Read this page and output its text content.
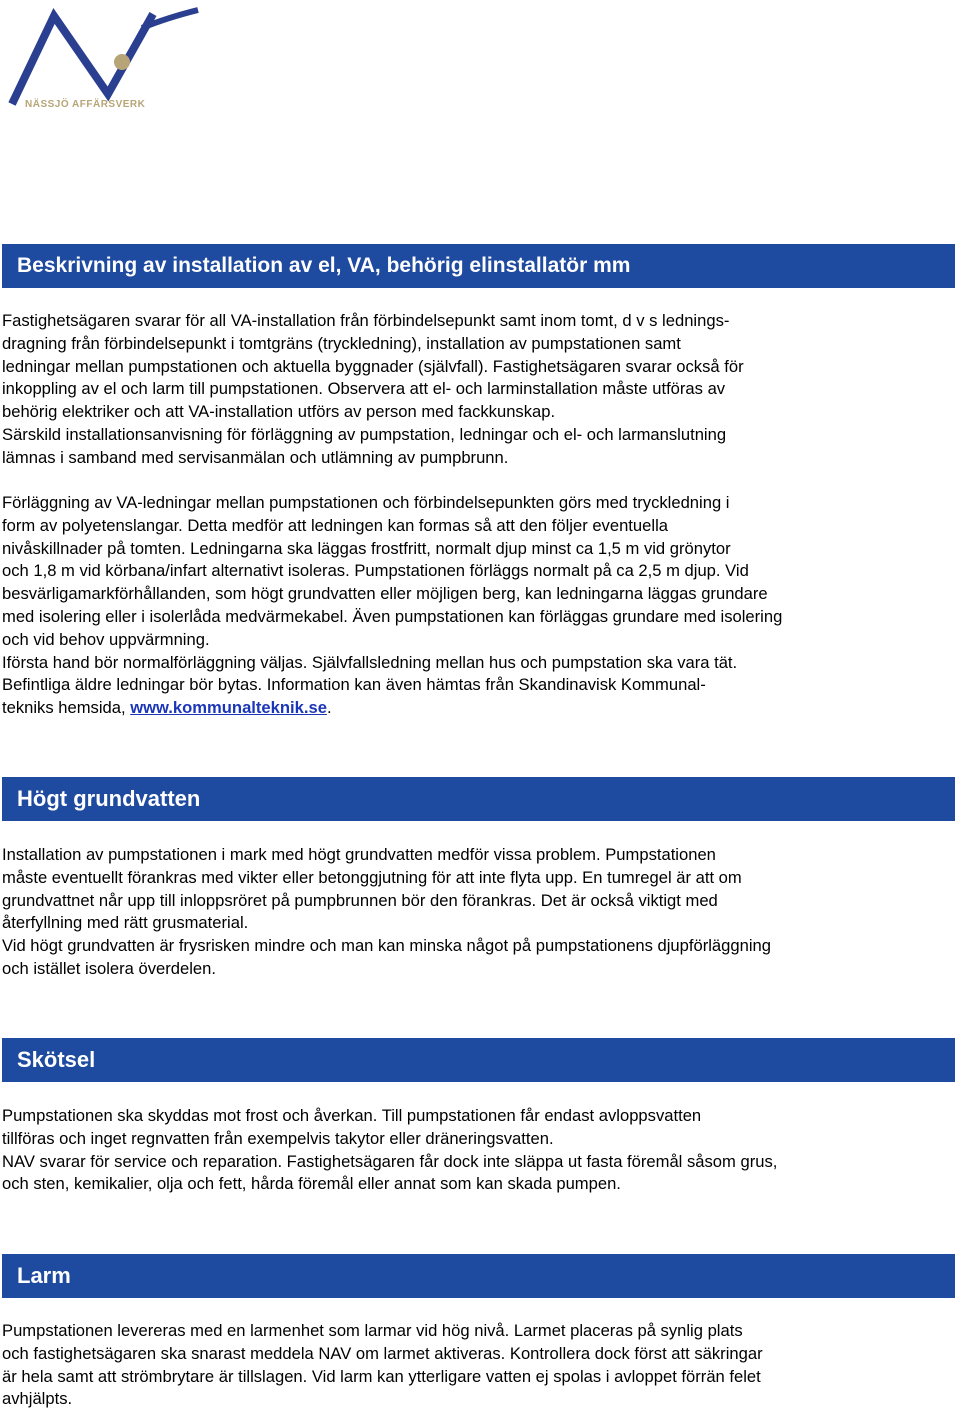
NÄSSJÖ AFFÄRSVERK
Beskrivning av installation av el, VA, behörig elinstallatör mm

Fastighetsägaren svarar för all VA-installation från förbindelsepunkt samt inom tomt, d v s lednings-
dragning från förbindelsepunkt i tomtgräns (tryckledning), installation av pumpstationen samt
ledningar mellan pumpstationen och aktuella byggnader (självfall). Fastighetsägaren svarar också för
inkoppling av el och larm till pumpstationen. Observera att el- och larminstallation måste utföras av
behörig elektriker och att VA-installation utförs av person med fackkunskap.
Särskild installationsanvisning för förläggning av pumpstation, ledningar och el- och larmanslutning
lämnas i samband med servisanmälan och utlämning av pumpbrunn.

Förläggning av VA-ledningar mellan pumpstationen och förbindelsepunkten görs med tryckledning i
form av polyetenslangar. Detta medför att ledningen kan formas så att den följer eventuella
nivåskillnader på tomten. Ledningarna ska läggas frostfritt, normalt djup minst ca 1,5 m vid grönytor
och 1,8 m vid körbana/infart alternativt isoleras. Pumpstationen förläggs normalt på ca 2,5 m djup. Vid
besvärligamarkförhållanden, som högt grundvatten eller möjligen berg, kan ledningarna läggas grundare
med isolering eller i isolerlåda medvärmekabel. Även pumpstationen kan förläggas grundare med isolering
och vid behov uppvärmning.
Iförsta hand bör normalförläggning väljas. Självfallsledning mellan hus och pumpstation ska vara tät.
Befintliga äldre ledningar bör bytas. Information kan även hämtas från Skandinavisk Kommunal-
tekniks hemsida, www.kommunalteknik.se.

Högt grundvatten

Installation av pumpstationen i mark med högt grundvatten medför vissa problem. Pumpstationen
måste eventuellt förankras med vikter eller betonggjutning för att inte flyta upp. En tumregel är att om
grundvattnet når upp till inloppsröret på pumpbrunnen bör den förankras. Det är också viktigt med
återfyllning med rätt grusmaterial.
Vid högt grundvatten är frysrisken mindre och man kan minska något på pumpstationens djupförläggning
och istället isolera överdelen.

Skötsel

Pumpstationen ska skyddas mot frost och åverkan. Till pumpstationen får endast avloppsvatten
tillföras och inget regnvatten från exempelvis takytor eller dräneringsvatten.
NAV svarar för service och reparation. Fastighetsägaren får dock inte släppa ut fasta föremål såsom grus,
och sten, kemikalier, olja och fett, hårda föremål eller annat som kan skada pumpen.

Larm

Pumpstationen levereras med en larmenhet som larmar vid hög nivå. Larmet placeras på synlig plats
och fastighetsägaren ska snarast meddela NAV om larmet aktiveras. Kontrollera dock först att säkringar
är hela samt att strömbrytare är tillslagen. Vid larm kan ytterligare vatten ej spolas i avloppet förrän felet
avhjälpts.
